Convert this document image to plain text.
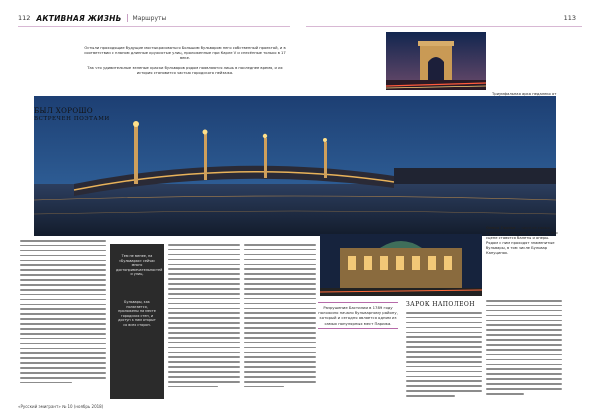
112 АКТИВНАЯ ЖИЗНЬ Маршруты	113
Остыли проходящие будущие мостыкрасоваться Большим бульваром него собственный проектой, и в соответствии с планом длинные кружистые улиц, проложенные при Карле V и снесённые только в 17 веке.
Так что удивительные зеленые краски бульваров рядом появляются лишь в последнее время, и их история становится частью городского пейзажа.
Триумфальная арка недалеко от
БЫЛ ХОРОШО
ВСТРЕЧЕН ПОЭТАМИ
Тем не менее, на «Бульварах» сейчас много достопримечательностей и улиц.
Бульвары, как полагается, проложены на месте городских стен, и доступ к ним открыт со всех сторон.
Опера Гарнье — один из самых изысканных театров Парижа, на его сцене ставятся балеты и оперы. Рядом с ним проходят знаменитые бульвары, в том числе Бульвар Капуцинок.
Разрушение Бастилии в 1789 году положило начало бульварному району, который и сегодня является одним из самых популярных мест Парижа.
ЗАРОК НАПОЛЕОН
«Русский эмигрант» № 10 (ноябрь 2018)
